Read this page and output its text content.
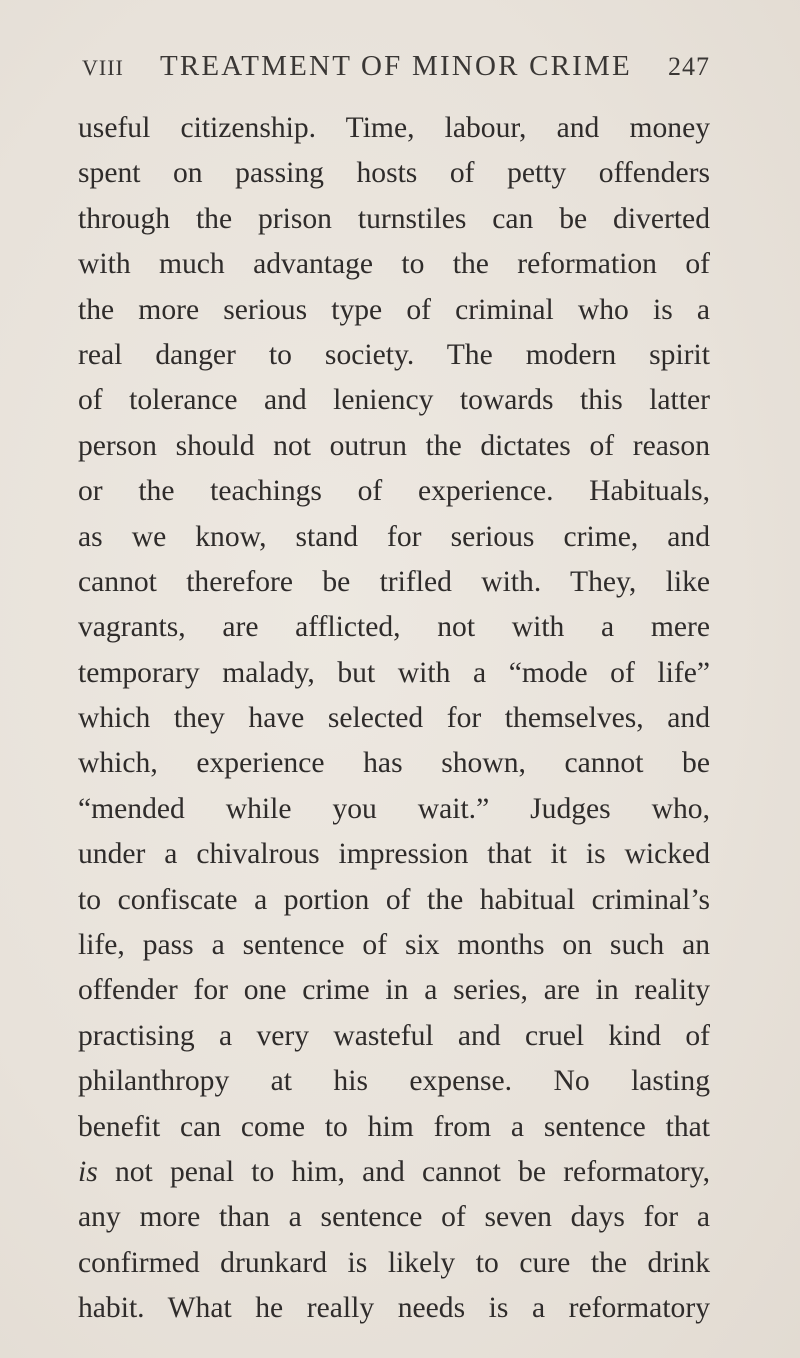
VIII TREATMENT OF MINOR CRIME 247
useful citizenship. Time, labour, and money
spent on passing hosts of petty offenders
through the prison turnstiles can be diverted
with much advantage to the reformation of
the more serious type of criminal who is a
real danger to society. The modern spirit
of tolerance and leniency towards this latter
person should not outrun the dictates of reason
or the teachings of experience. Habituals,
as we know, stand for serious crime, and
cannot therefore be trifled with. They, like
vagrants, are afflicted, not with a mere
temporary malady, but with a “mode of life”
which they have selected for themselves, and
which, experience has shown, cannot be
“mended while you wait.” Judges who,
under a chivalrous impression that it is wicked
to confiscate a portion of the habitual criminal’s
life, pass a sentence of six months on such an
offender for one crime in a series, are in reality
practising a very wasteful and cruel kind of
philanthropy at his expense. No lasting
benefit can come to him from a sentence that
is not penal to him, and cannot be reformatory,
any more than a sentence of seven days for a
confirmed drunkard is likely to cure the drink
habit. What he really needs is a reformatory
